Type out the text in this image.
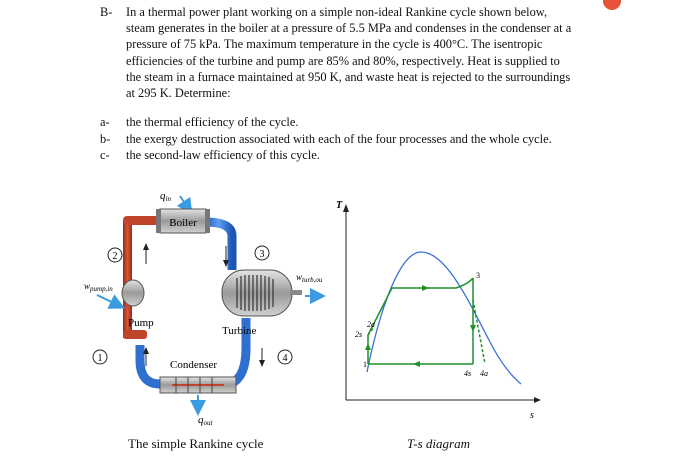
B-	In a thermal power plant working on a simple non-ideal Rankine cycle shown below,
steam generates in the boiler at a pressure of 5.5 MPa and condenses in the condenser at a
pressure of 75 kPa. The maximum temperature in the cycle is 400°C. The isentropic
efficiencies of the turbine and pump are 85% and 80%, respectively. Heat is supplied to
the steam in a furnace maintained at 950 K, and waste heat is rejected to the surroundings
at 295 K. Determine:
a-	the thermal efficiency of the cycle.
b-	the exergy destruction associated with each of the four processes and the whole cycle.
c-	the second-law efficiency of this cycle.
qin
Boiler
2	3
$w_{pump,in}$
Pump
$w_{turb,ou}$
Turbine
1	4
Condenser
qout
T
s
1
2a
2s
3
4s 4a
The simple Rankine cycle	T-s diagram
